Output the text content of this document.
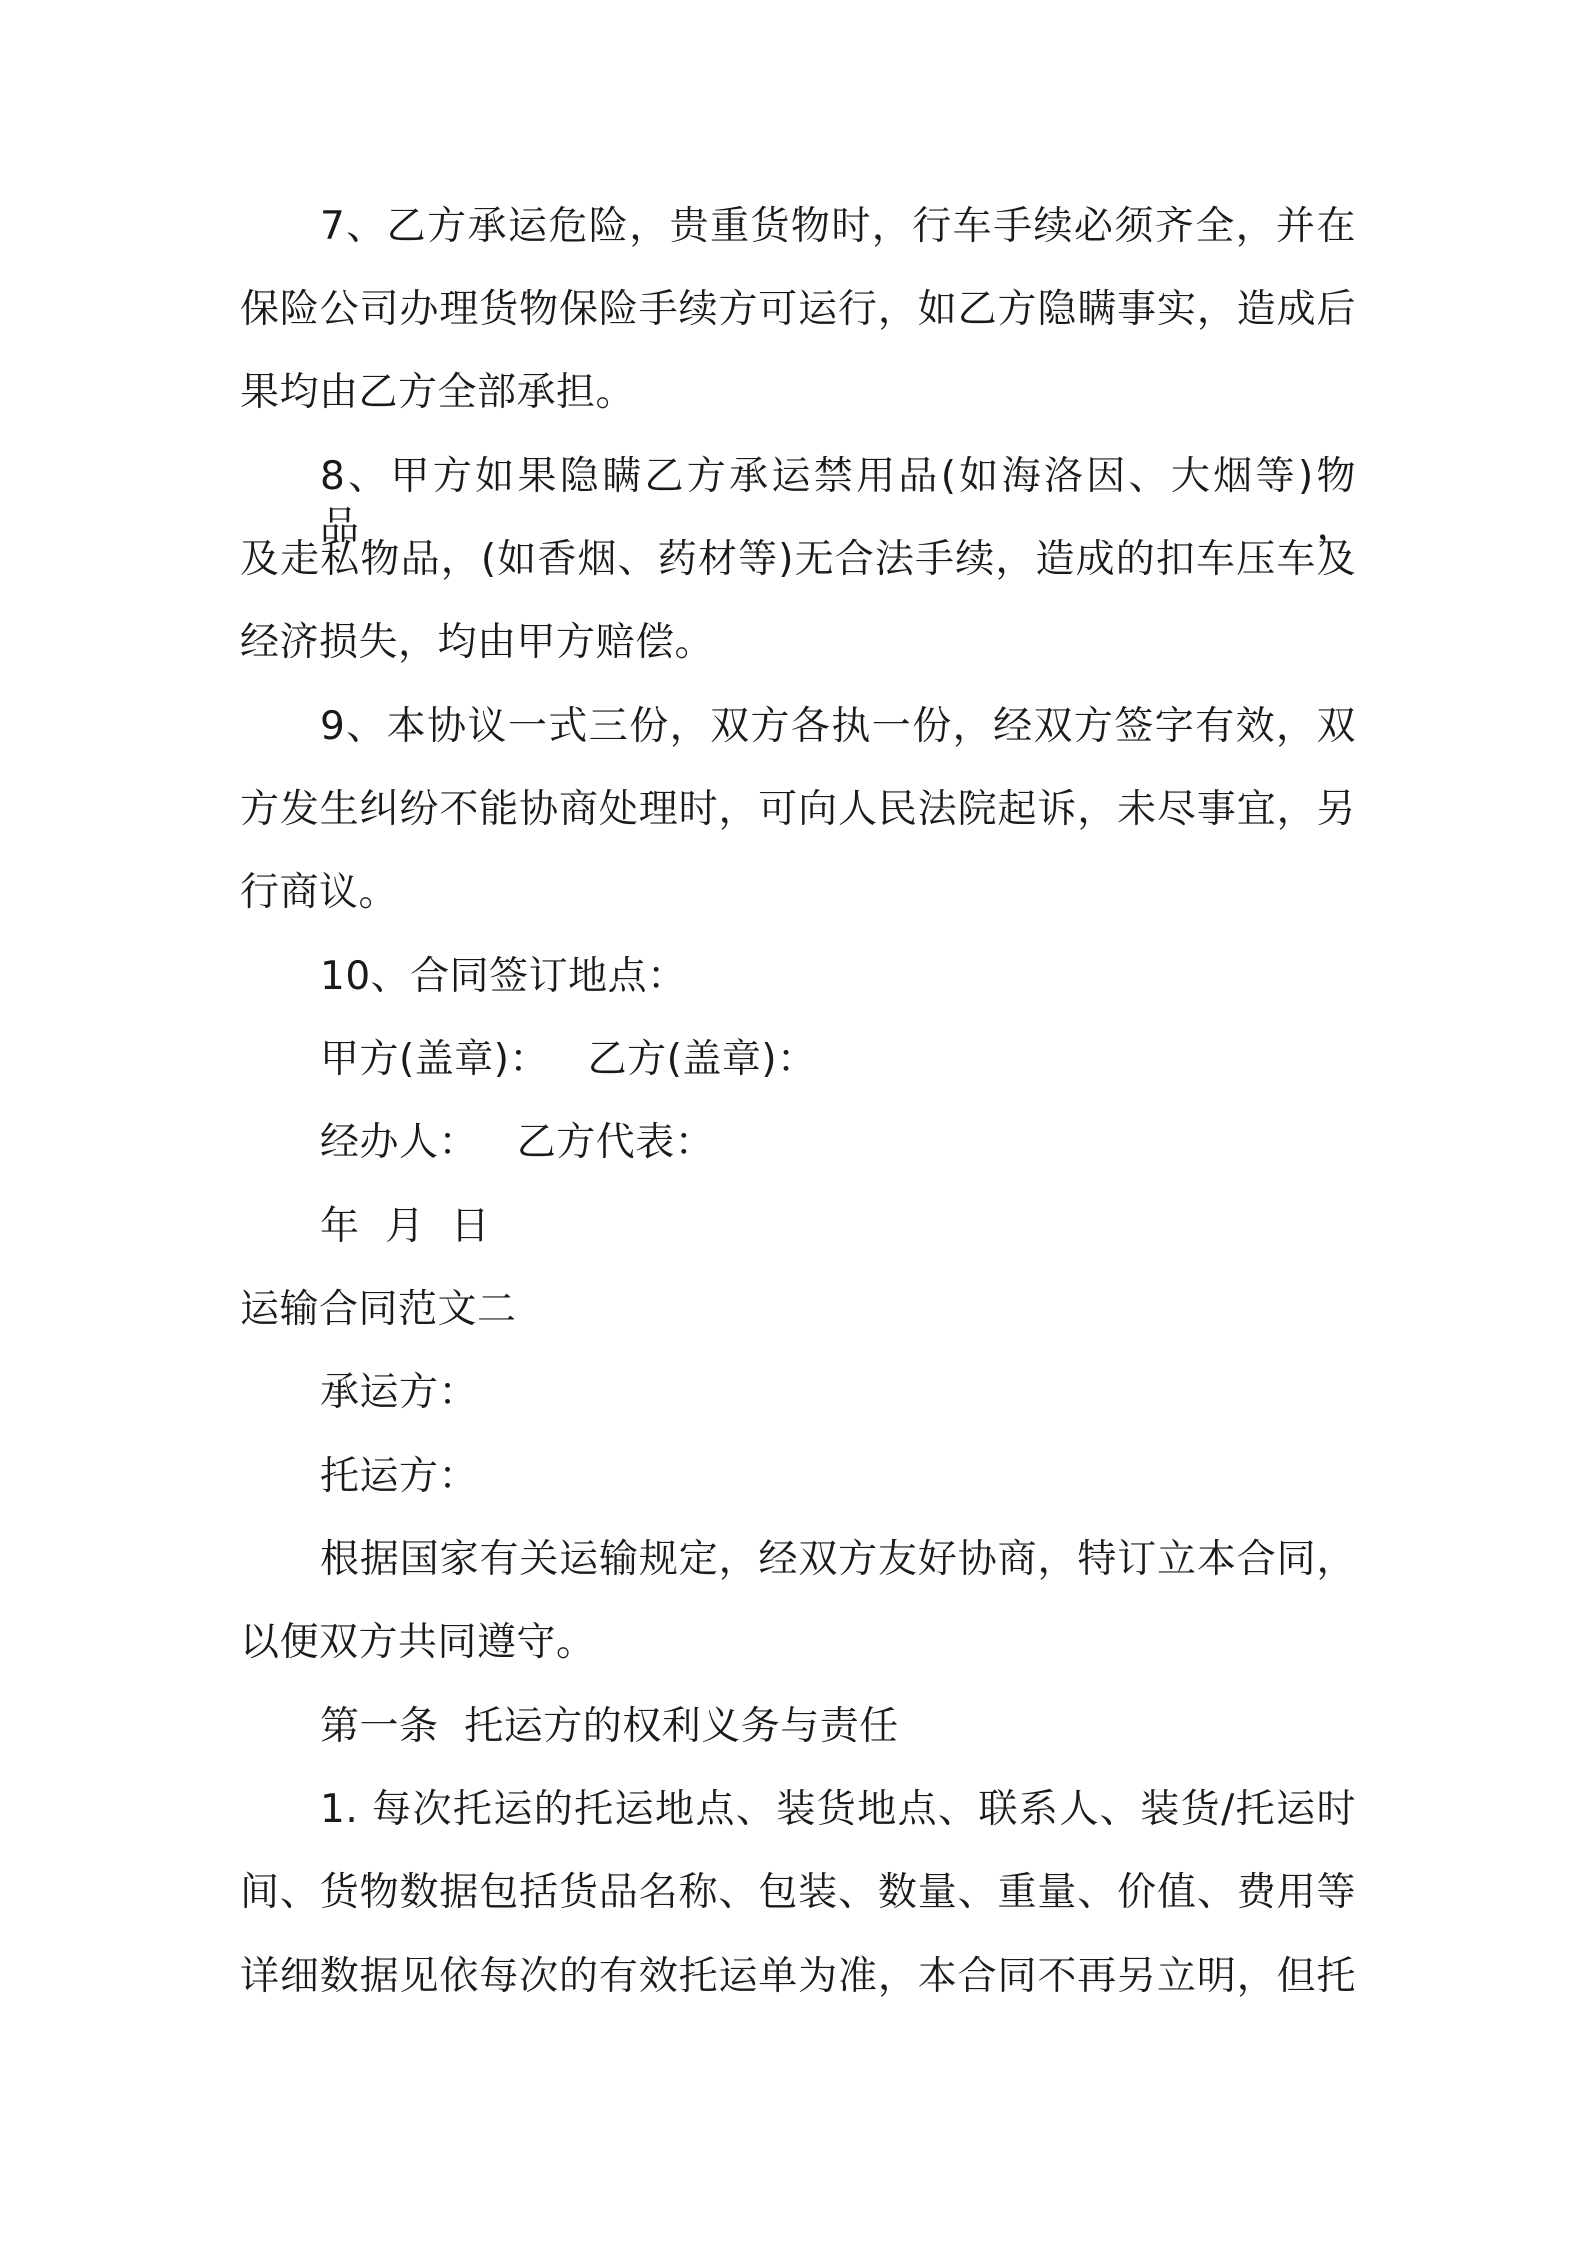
7、乙方承运危险，贵重货物时，行车手续必须齐全，并在
保险公司办理货物保险手续方可运行，如乙方隐瞒事实，造成后
果均由乙方全部承担。
8、甲方如果隐瞒乙方承运禁用品(如海洛因、大烟等)物品，
及走私物品，(如香烟、药材等)无合法手续，造成的扣车压车及
经济损失，均由甲方赔偿。
9、本协议一式三份，双方各执一份，经双方签字有效，双
方发生纠纷不能协商处理时，可向人民法院起诉，未尽事宜，另
行商议。
10、合同签订地点：
甲方(盖章)：   乙方(盖章)：
经办人：   乙方代表：
年  月  日
运输合同范文二
承运方：
托运方：
根据国家有关运输规定，经双方友好协商，特订立本合同，
以便双方共同遵守。
第一条  托运方的权利义务与责任
1. 每次托运的托运地点、装货地点、联系人、装货/托运时
间、货物数据包括货品名称、包装、数量、重量、价值、费用等
详细数据见依每次的有效托运单为准，本合同不再另立明，但托
